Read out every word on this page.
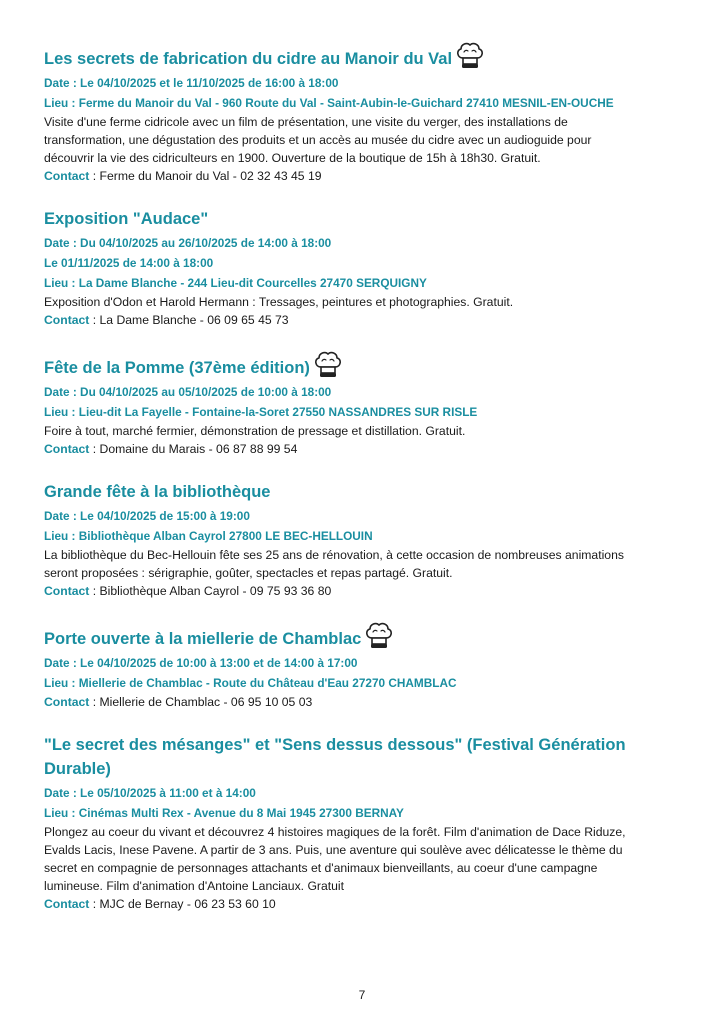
Les secrets de fabrication du cidre au Manoir du Val
Date : Le 04/10/2025 et le 11/10/2025 de 16:00 à 18:00
Lieu : Ferme du Manoir du Val - 960 Route du Val - Saint-Aubin-le-Guichard 27410 MESNIL-EN-OUCHE
Visite d'une ferme cidricole avec un film de présentation, une visite du verger, des installations de
transformation, une dégustation des produits et un accès au musée du cidre avec un audioguide pour
découvrir la vie des cidriculteurs en 1900. Ouverture de la boutique de 15h à 18h30. Gratuit.
Contact : Ferme du Manoir du Val - 02 32 43 45 19
Exposition "Audace"
Date : Du 04/10/2025 au 26/10/2025 de 14:00 à 18:00
Le 01/11/2025 de 14:00 à 18:00
Lieu : La Dame Blanche - 244 Lieu-dit Courcelles 27470 SERQUIGNY
Exposition d'Odon et Harold Hermann : Tressages, peintures et photographies. Gratuit.
Contact : La Dame Blanche - 06 09 65 45 73
Fête de la Pomme (37ème édition)
Date : Du 04/10/2025 au 05/10/2025 de 10:00 à 18:00
Lieu : Lieu-dit La Fayelle - Fontaine-la-Soret 27550 NASSANDRES SUR RISLE
Foire à tout, marché fermier, démonstration de pressage et distillation. Gratuit.
Contact : Domaine du Marais - 06 87 88 99 54
Grande fête à la bibliothèque
Date : Le 04/10/2025 de 15:00 à 19:00
Lieu : Bibliothèque Alban Cayrol 27800 LE BEC-HELLOUIN
La bibliothèque du Bec-Hellouin fête ses 25 ans de rénovation, à cette occasion de nombreuses animations
seront proposées : sérigraphie, goûter, spectacles et repas partagé. Gratuit.
Contact : Bibliothèque Alban Cayrol - 09 75 93 36 80
Porte ouverte à la miellerie de Chamblac
Date : Le 04/10/2025 de 10:00 à 13:00 et de 14:00 à 17:00
Lieu : Miellerie de Chamblac - Route du Château d'Eau 27270 CHAMBLAC
Contact : Miellerie de Chamblac - 06 95 10 05 03
"Le secret des mésanges" et "Sens dessus dessous" (Festival Génération Durable)
Date : Le 05/10/2025 à 11:00 et à 14:00
Lieu : Cinémas Multi Rex - Avenue du 8 Mai 1945 27300 BERNAY
Plongez au coeur du vivant et découvrez 4 histoires magiques de la forêt. Film d'animation de Dace Riduze,
Evalds Lacis, Inese Pavene. A partir de 3 ans. Puis, une aventure qui soulève avec délicatesse le thème du
secret en compagnie de personnages attachants et d'animaux bienveillants, au coeur d'une campagne
lumineuse. Film d'animation d'Antoine Lanciaux. Gratuit
Contact : MJC de Bernay - 06 23 53 60 10
7
